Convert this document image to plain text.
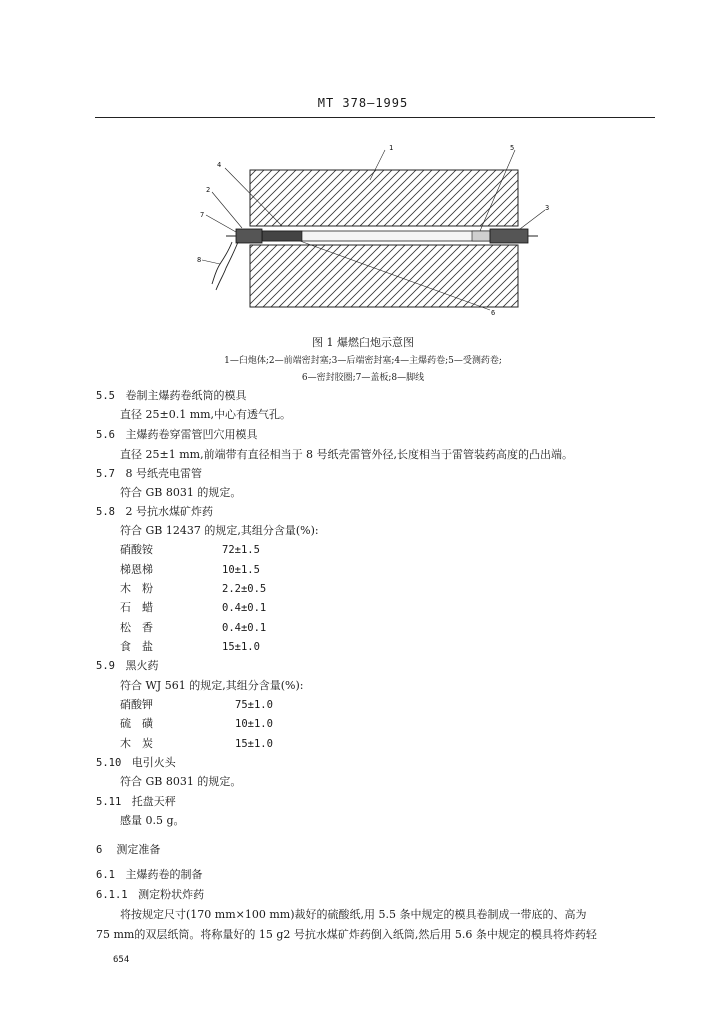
MT 378—1995
1
2
3
4
5
6
7
8
图 1 爆燃臼炮示意图
1—臼炮体;2—前端密封塞;3—后端密封塞;4—主爆药卷;5—受测药卷;
6—密封胶圈;7—盖板;8—脚线
5.5 卷制主爆药卷纸筒的模具
直径 25±0.1 mm,中心有透气孔。
5.6 主爆药卷穿雷管凹穴用模具
直径 25±1 mm,前端带有直径相当于 8 号纸壳雷管外径,长度相当于雷管装药高度的凸出端。
5.7 8 号纸壳电雷管
符合 GB 8031 的规定。
5.8 2 号抗水煤矿炸药
符合 GB 12437 的规定,其组分含量(%):
硝酸铵	72±1.5
梯恩梯	10±1.5
木　粉	2.2±0.5
石　蜡	0.4±0.1
松　香	0.4±0.1
食　盐	15±1.0
5.9 黑火药
符合 WJ 561 的规定,其组分含量(%):
硝酸钾	75±1.0
硫　磺	10±1.0
木　炭	15±1.0
5.10 电引火头
符合 GB 8031 的规定。
5.11 托盘天秤
感量 0.5 g。
6 测定准备
6.1 主爆药卷的制备
6.1.1 测定粉状炸药
将按规定尺寸(170 mm×100 mm)裁好的硫酸纸,用 5.5 条中规定的模具卷制成一带底的、高为
75 mm的双层纸筒。将称量好的 15 g2 号抗水煤矿炸药倒入纸筒,然后用 5.6 条中规定的模具将炸药轻
654
